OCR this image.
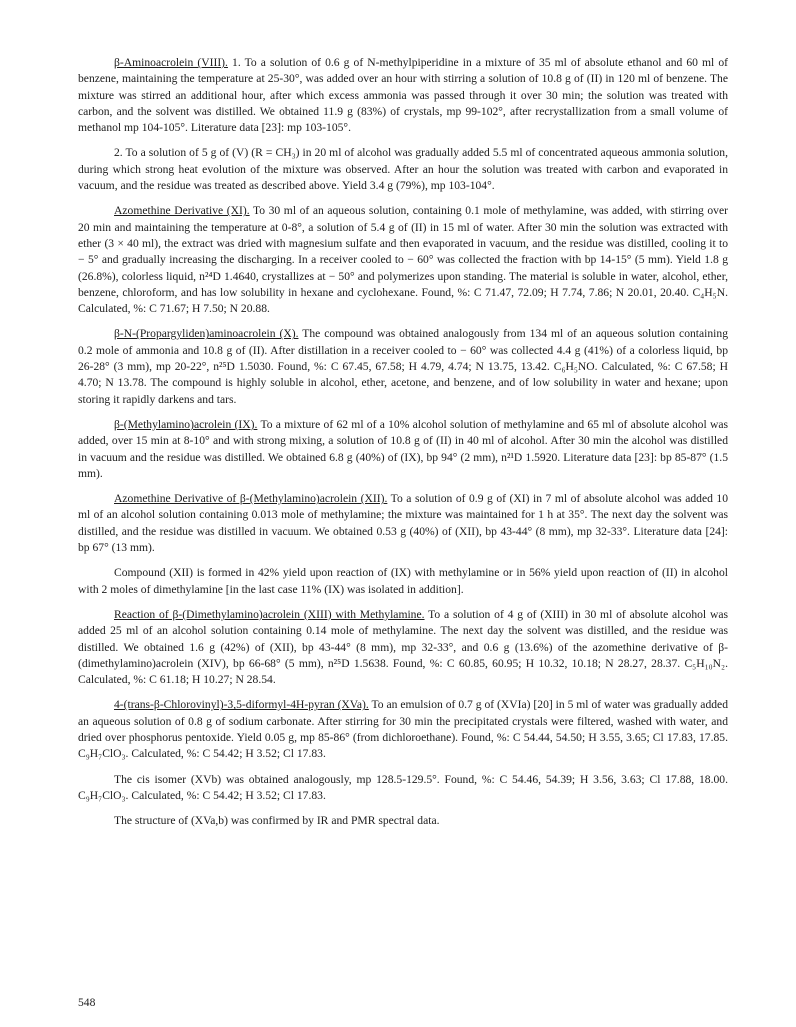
β-Aminoacrolein (VIII). 1. To a solution of 0.6 g of N-methylpiperidine in a mixture of 35 ml of absolute ethanol and 60 ml of benzene, maintaining the temperature at 25-30°, was added over an hour with stirring a solution of 10.8 g of (II) in 120 ml of benzene. The mixture was stirred an additional hour, after which excess ammonia was passed through it over 30 min; the solution was treated with carbon, and the solvent was distilled. We obtained 11.9 g (83%) of crystals, mp 99-102°, after recrystallization from a small volume of methanol mp 104-105°. Literature data [23]: mp 103-105°.

2. To a solution of 5 g of (V) (R = CH₃) in 20 ml of alcohol was gradually added 5.5 ml of concentrated aqueous ammonia solution, during which strong heat evolution of the mixture was observed. After an hour the solution was treated with carbon and evaporated in vacuum, and the residue was treated as described above. Yield 3.4 g (79%), mp 103-104°.

Azomethine Derivative (XI). To 30 ml of an aqueous solution, containing 0.1 mole of methylamine, was added, with stirring over 20 min and maintaining the temperature at 0-8°, a solution of 5.4 g of (II) in 15 ml of water. After 30 min the solution was extracted with ether (3 × 40 ml), the extract was dried with magnesium sulfate and then evaporated in vacuum, and the residue was distilled, cooling it to − 5° and gradually increasing the discharging. In a receiver cooled to − 60° was collected the fraction with bp 14-15° (5 mm). Yield 1.8 g (26.8%), colorless liquid, n²⁴D 1.4640, crystallizes at − 50° and polymerizes upon standing. The material is soluble in water, alcohol, ether, benzene, chloroform, and has low solubility in hexane and cyclohexane. Found, %: C 71.47, 72.09; H 7.74, 7.86; N 20.01, 20.40. C₄H₅N. Calculated, %: C 71.67; H 7.50; N 20.88.

β-N-(Propargyliden)aminoacrolein (X). The compound was obtained analogously from 134 ml of an aqueous solution containing 0.2 mole of ammonia and 10.8 g of (II). After distillation in a receiver cooled to − 60° was collected 4.4 g (41%) of a colorless liquid, bp 26-28° (3 mm), mp 20-22°, n²⁵D 1.5030. Found, %: C 67.45, 67.58; H 4.79, 4.74; N 13.75, 13.42. C₆H₅NO. Calculated, %: C 67.58; H 4.70; N 13.78. The compound is highly soluble in alcohol, ether, acetone, and benzene, and of low solubility in water and hexane; upon storing it rapidly darkens and tars.

β-(Methylamino)acrolein (IX). To a mixture of 62 ml of a 10% alcohol solution of methylamine and 65 ml of absolute alcohol was added, over 15 min at 8-10° and with strong mixing, a solution of 10.8 g of (II) in 40 ml of alcohol. After 30 min the alcohol was distilled in vacuum and the residue was distilled. We obtained 6.8 g (40%) of (IX), bp 94° (2 mm), n²¹D 1.5920. Literature data [23]: bp 85-87° (1.5 mm).

Azomethine Derivative of β-(Methylamino)acrolein (XII). To a solution of 0.9 g of (XI) in 7 ml of absolute alcohol was added 10 ml of an alcohol solution containing 0.013 mole of methylamine; the mixture was maintained for 1 h at 35°. The next day the solvent was distilled, and the residue was distilled in vacuum. We obtained 0.53 g (40%) of (XII), bp 43-44° (8 mm), mp 32-33°. Literature data [24]: bp 67° (13 mm).

Compound (XII) is formed in 42% yield upon reaction of (IX) with methylamine or in 56% yield upon reaction of (II) in alcohol with 2 moles of dimethylamine [in the last case 11% (IX) was isolated in addition].

Reaction of β-(Dimethylamino)acrolein (XIII) with Methylamine. To a solution of 4 g of (XIII) in 30 ml of absolute alcohol was added 25 ml of an alcohol solution containing 0.14 mole of methylamine. The next day the solvent was distilled, and the residue was distilled. We obtained 1.6 g (42%) of (XII), bp 43-44° (8 mm), mp 32-33°, and 0.6 g (13.6%) of the azomethine derivative of β-(dimethylamino)acrolein (XIV), bp 66-68° (5 mm), n²⁵D 1.5638. Found, %: C 60.85, 60.95; H 10.32, 10.18; N 28.27, 28.37. C₅H₁₀N₂. Calculated, %: C 61.18; H 10.27; N 28.54.

4-(trans-β-Chlorovinyl)-3,5-diformyl-4H-pyran (XVa). To an emulsion of 0.7 g of (XVIa) [20] in 5 ml of water was gradually added an aqueous solution of 0.8 g of sodium carbonate. After stirring for 30 min the precipitated crystals were filtered, washed with water, and dried over phosphorus pentoxide. Yield 0.05 g, mp 85-86° (from dichloroethane). Found, %: C 54.44, 54.50; H 3.55, 3.65; Cl 17.83, 17.85. C₉H₇ClO₃. Calculated, %: C 54.42; H 3.52; Cl 17.83.

The cis isomer (XVb) was obtained analogously, mp 128.5-129.5°. Found, %: C 54.46, 54.39; H 3.56, 3.63; Cl 17.88, 18.00. C₉H₇ClO₃. Calculated, %: C 54.42; H 3.52; Cl 17.83.

The structure of (XVa,b) was confirmed by IR and PMR spectral data.

548
